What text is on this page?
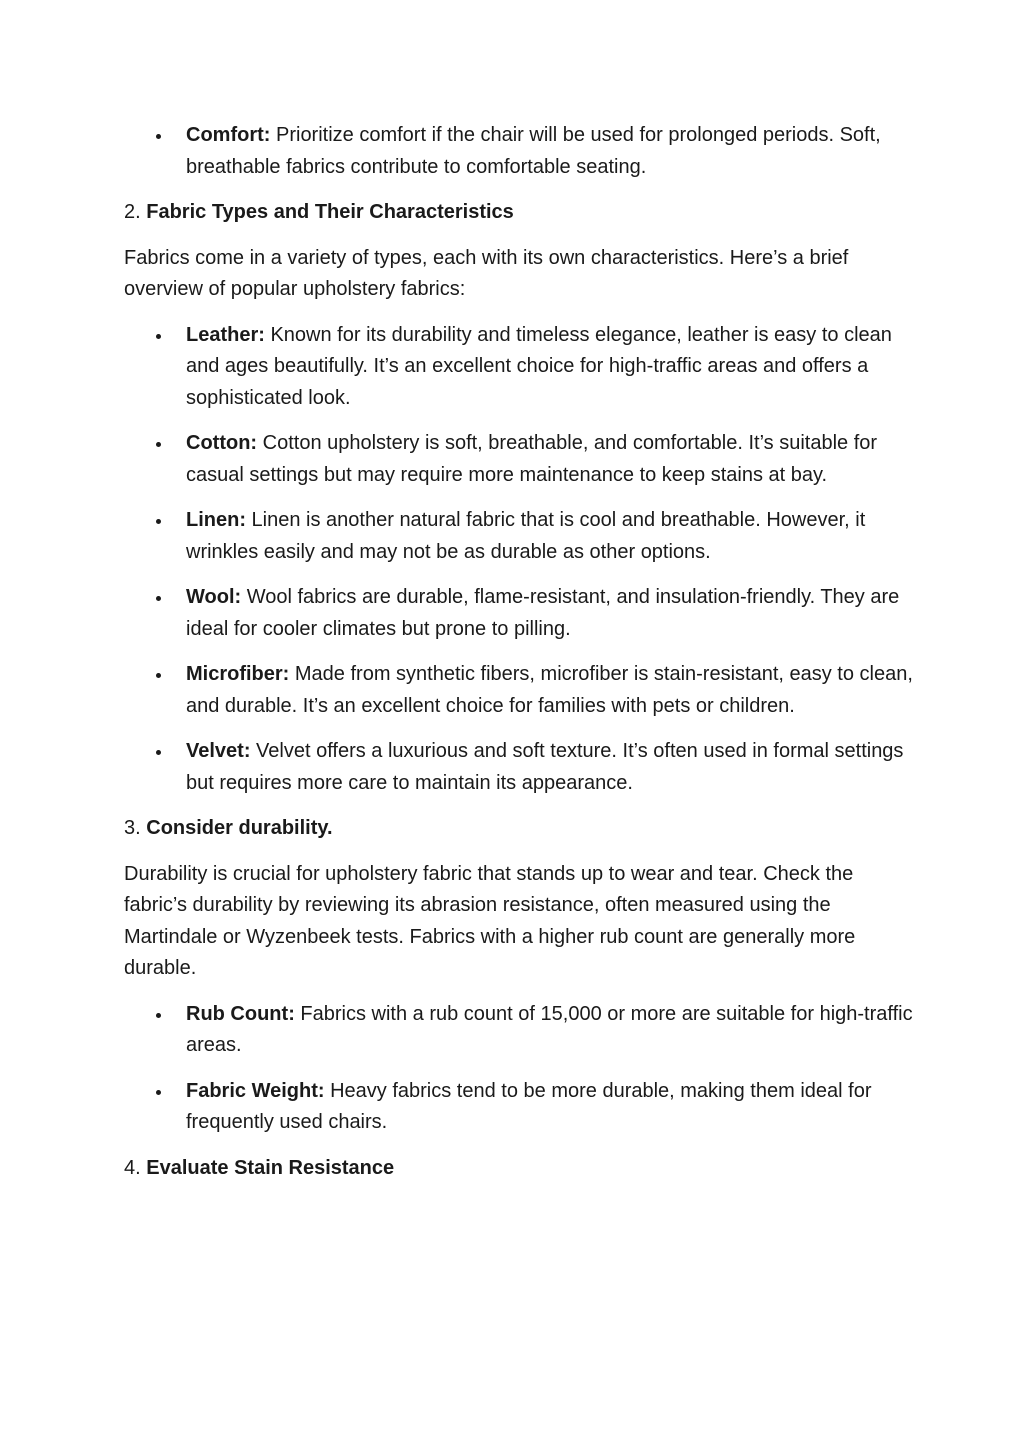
Comfort: Prioritize comfort if the chair will be used for prolonged periods. Soft, breathable fabrics contribute to comfortable seating.
2. Fabric Types and Their Characteristics

Fabrics come in a variety of types, each with its own characteristics. Here’s a brief overview of popular upholstery fabrics:

Leather: Known for its durability and timeless elegance, leather is easy to clean and ages beautifully. It’s an excellent choice for high-traffic areas and offers a sophisticated look.
Cotton: Cotton upholstery is soft, breathable, and comfortable. It’s suitable for casual settings but may require more maintenance to keep stains at bay.
Linen: Linen is another natural fabric that is cool and breathable. However, it wrinkles easily and may not be as durable as other options.
Wool: Wool fabrics are durable, flame-resistant, and insulation-friendly. They are ideal for cooler climates but prone to pilling.
Microfiber: Made from synthetic fibers, microfiber is stain-resistant, easy to clean, and durable. It’s an excellent choice for families with pets or children.
Velvet: Velvet offers a luxurious and soft texture. It’s often used in formal settings but requires more care to maintain its appearance.
3. Consider durability.

Durability is crucial for upholstery fabric that stands up to wear and tear. Check the fabric’s durability by reviewing its abrasion resistance, often measured using the Martindale or Wyzenbeek tests. Fabrics with a higher rub count are generally more durable.

Rub Count: Fabrics with a rub count of 15,000 or more are suitable for high-traffic areas.
Fabric Weight: Heavy fabrics tend to be more durable, making them ideal for frequently used chairs.
4. Evaluate Stain Resistance
